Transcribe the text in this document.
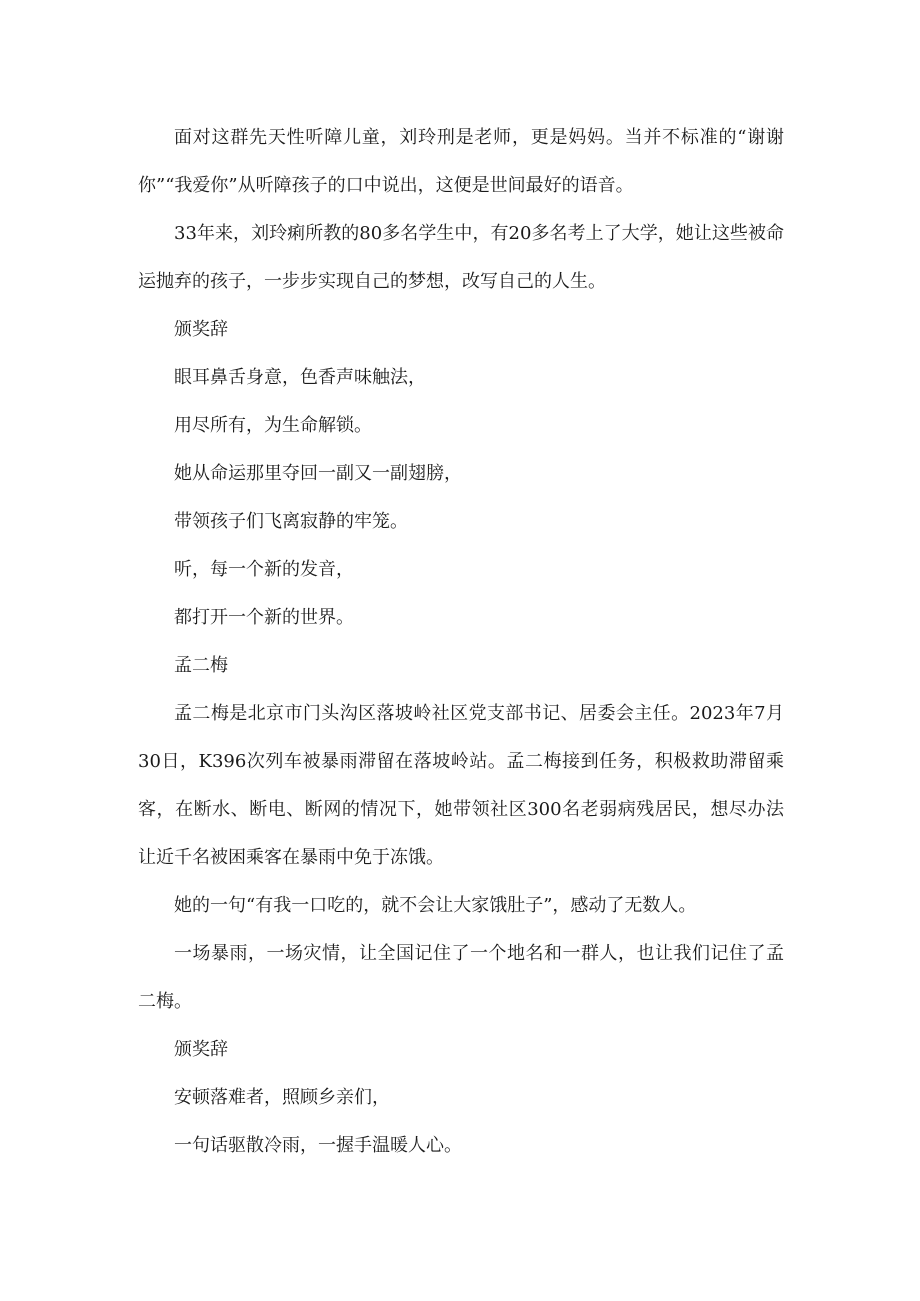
面对这群先天性听障儿童，刘玲刑是老师，更是妈妈。当并不标准的“谢谢你”“我爱你”从听障孩子的口中说出，这便是世间最好的语音。

33年来，刘玲痢所教的80多名学生中，有20多名考上了大学，她让这些被命运抛弃的孩子，一步步实现自己的梦想，改写自己的人生。

颁奖辞

眼耳鼻舌身意，色香声味触法，

用尽所有，为生命解锁。

她从命运那里夺回一副又一副翅膀，

带领孩子们飞离寂静的牢笼。

听，每一个新的发音，

都打开一个新的世界。

孟二梅

孟二梅是北京市门头沟区落坡岭社区党支部书记、居委会主任。2023年7月30日，K396次列车被暴雨滞留在落坡岭站。孟二梅接到任务，积极救助滞留乘客，在断水、断电、断网的情况下，她带领社区300名老弱病残居民，想尽办法让近千名被困乘客在暴雨中免于冻饿。

她的一句“有我一口吃的，就不会让大家饿肚子”，感动了无数人。

一场暴雨，一场灾情，让全国记住了一个地名和一群人，也让我们记住了孟二梅。

颁奖辞

安顿落难者，照顾乡亲们，

一句话驱散冷雨，一握手温暖人心。
